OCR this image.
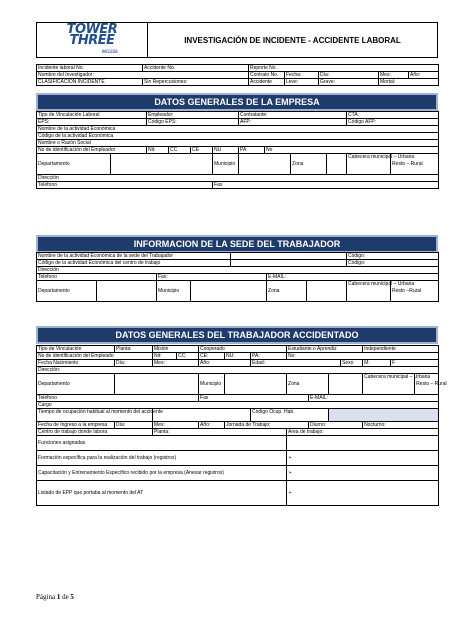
TOWER
THREE
INCLESA
INVESTIGACIÓN DE INCIDENTE - ACCIDENTE LABORAL
Incidente laboral No.	Accidente No.	Reporte No.				
Nombre del Investigador:		Contrato No.	Fecha:	Día:	Mes:	Año:
CLASIFICACION INCIDENTE	Sin Repercusiones:	Accidente	Leve:	Grave:	Mortal:	
DATOS GENERALES DE LA EMPRESA
Tipo de Vinculación Laboral		Empleador:				Contratante:				CTA:	
EPS:		Código EPS:				AFP:				Código AFP:	
Nombre de la actividad Económica											
Código de la actividad Económica											
Nombre o Razón Social											
No de identificación del Empleador		Nit:	CC	CE	NU	PA	No				
Departamento					Municipio			Zona		Cabecera municipal – Urbana	Resto – Rural
Dirección											
Teléfono					Fax						
INFORMACION DE LA SEDE DEL TRABAJADOR
Nombre de la actividad Económica de la sede del Trabajador							Código:	
Código de la actividad Económica del centro de trabajo							Código:	
Dirección								
Teléfono		Fax:			E-MAIL:			
Departamento		Municipio			Zona		Cabecera municipal – Urbana	Resto –Rural
DATOS GENERALES DEL TRABAJADOR ACCIDENTADO
Tipo de Vinculación	Planta:	Misión		Cooperado			Estudiante o Aprendiz				Independiente		
No de identificación del Empleado		Nit:	CC:	CE:	NU:	PA:	No:						
Fecha Nacimiento	Día:	Mes:		Año:		Edad:				Sexo	M:	F	
Dirección:													
Departamento				Municipio			Zona				Cabecera municipal – Urbana		Resto – Rural
Teléfono				Fax				E-MAIL:					
Cargo													
Tiempo de ocupación habitual al momento del accidente						Código Ocup. Hab.							
Fecha de Ingreso a la empresa	Día:	Mes:		Año:	Jornada de Trabajo:			Diurno:			Nocturno:		
Centro de trabajo donde labora		Planta:					Area de trabajo:						
Funciones asignadas													
Formación específica para la realización del trabajo (registros)							➢						
Capacitación y Entrenamiento Específico recibido por la empresa (Anexar registros)							➢						
Listado de EPP que portaba al momento del AT							➢						
Página 1 de 5
